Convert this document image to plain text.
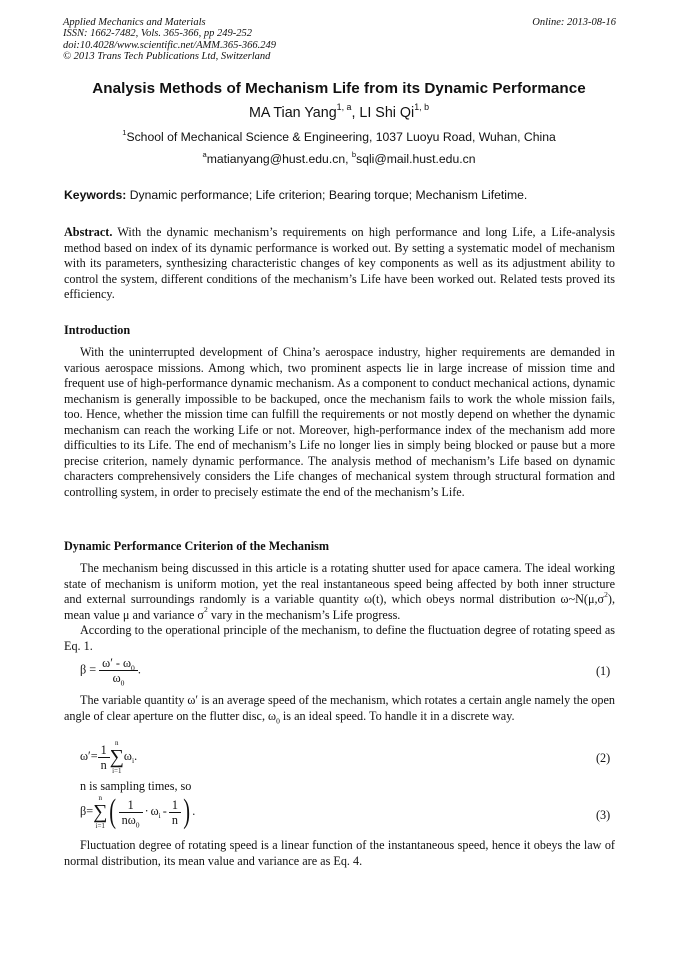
Applied Mechanics and Materials
ISSN: 1662-7482, Vols. 365-366, pp 249-252
doi:10.4028/www.scientific.net/AMM.365-366.249
© 2013 Trans Tech Publications Ltd, Switzerland
Online: 2013-08-16
Analysis Methods of Mechanism Life from its Dynamic Performance
MA Tian Yang$^{1, a}$, LI Shi Qi$^{1, b}$
$^1$School of Mechanical Science & Engineering, 1037 Luoyu Road, Wuhan, China
$^a$matianyang@hust.edu.cn, $^b$sqli@mail.hust.edu.cn
Keywords: Dynamic performance; Life criterion; Bearing torque; Mechanism Lifetime.

Abstract. With the dynamic mechanism’s requirements on high performance and long Life, a Life-analysis method based on index of its dynamic performance is worked out. By setting a systematic model of mechanism with its parameters, synthesizing characteristic changes of key components as well as its adjustment ability to control the system, different conditions of the mechanism’s Life have been worked out. Related tests proved its efficiency.

Introduction

With the uninterrupted development of China’s aerospace industry, higher requirements are demanded in various aerospace missions. Among which, two prominent aspects lie in large increase of mission time and frequent use of high-performance dynamic mechanism. As a component to conduct mechanical actions, dynamic mechanism is generally impossible to be backuped, once the mechanism fails to work the whole mission fails, too. Hence, whether the mission time can fulfill the requirements or not mostly depend on whether the dynamic mechanism can reach the working Life or not. Moreover, high-performance index of the mechanism add more difficulties to its Life. The end of mechanism’s Life no longer lies in simply being blocked or pause but a more precise criterion, namely dynamic performance. The analysis method of mechanism’s Life based on dynamic characters comprehensively considers the Life changes of mechanical system through structural formation and controlling system, in order to precisely estimate the end of the mechanism’s Life.

Dynamic Performance Criterion of the Mechanism

The mechanism being discussed in this article is a rotating shutter used for apace camera. The ideal working state of mechanism is uniform motion, yet the real instantaneous speed being affected by both inner structure and external surroundings randomly is a variable quantity ω(t), which obeys normal distribution $\omega\sim N(\mu,\sigma^2)$, mean value μ and variance $\sigma^2$ vary in the mechanism’s Life progress.

According to the operational principle of the mechanism, to define the fluctuation degree of rotating speed as Eq. 1.

$\beta = \frac{\omega' - \omega_0}{\omega_0}$ .	(1)
The variable quantity ω′ is an average speed of the mechanism, which rotates a certain angle namely the open angle of clear aperture on the flutter disc, $\omega_0$ is an ideal speed. To handle it in a discrete way.
$\omega'= \frac{1}{n}$ n
∑
i=1
$\omega_i$.	(2)
n is sampling times, so
β=
n
∑
i=1 ( $\frac{1}{n\omega_0} \cdot \omega_i - \frac{1}{n}$ ) .	(3)
Fluctuation degree of rotating speed is a linear function of the instantaneous speed, hence it obeys the law of normal distribution, its mean value and variance are as Eq. 4.
